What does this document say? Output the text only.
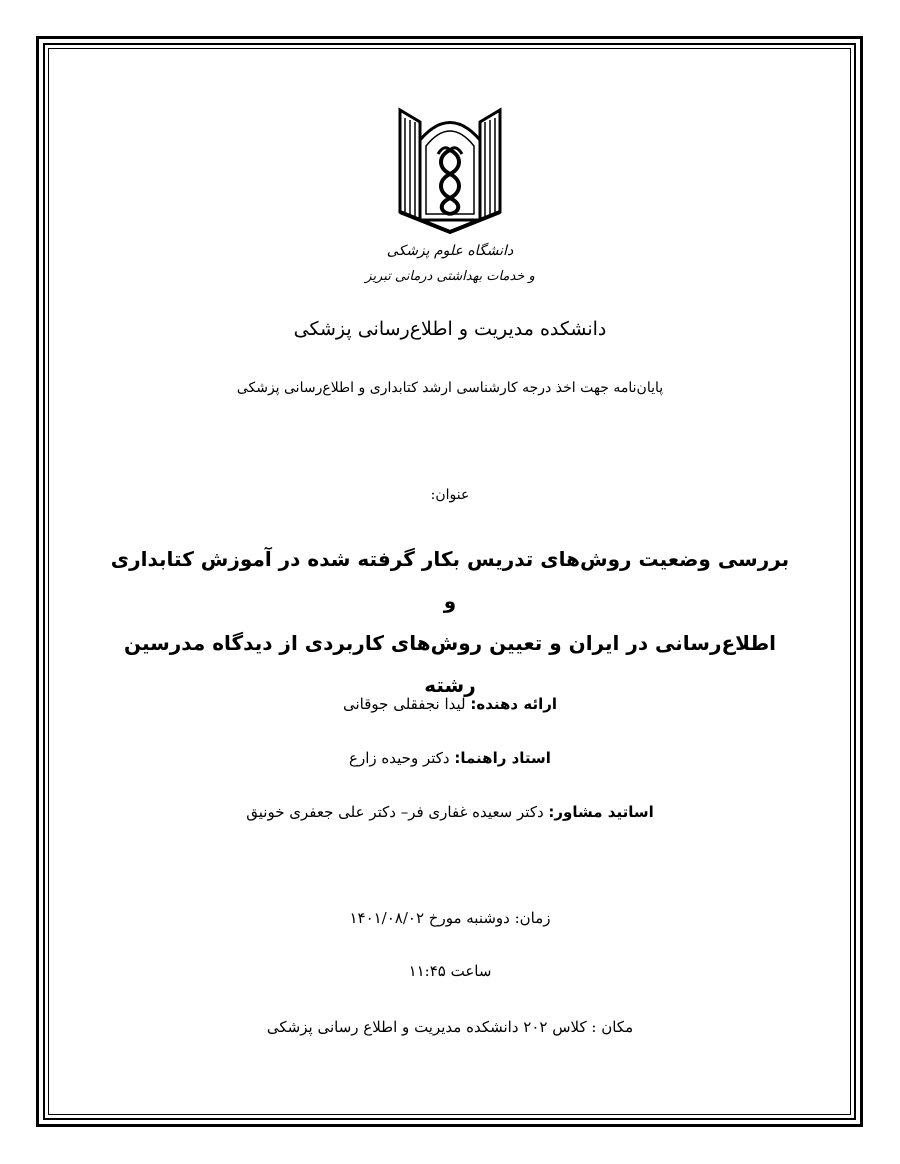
دانشگاه علوم پزشکی
و خدمات بهداشتی درمانی تبریز
دانشکده مدیریت و اطلاع‌رسانی پزشکی
پایان‌نامه جهت اخذ درجه کارشناسی ارشد کتابداری و اطلاع‌رسانی پزشکی
عنوان:
بررسی وضعیت روش‌های تدریس بکار گرفته شده در آموزش کتابداری و
اطلاع‌رسانی در ایران و تعیین روش‌های کاربردی از دیدگاه مدرسین رشته
ارائه دهنده: لیدا نجفقلی جوقانی
استاد راهنما: دکتر وحیده زارع
اساتید مشاور: دکتر سعیده غفاری فر– دکتر علی جعفری خونیق
زمان: دوشنبه مورخ ۱۴۰۱/۰۸/۰۲
ساعت ۱۱:۴۵
مکان : کلاس ۲۰۲ دانشکده مدیریت و اطلاع رسانی پزشکی
